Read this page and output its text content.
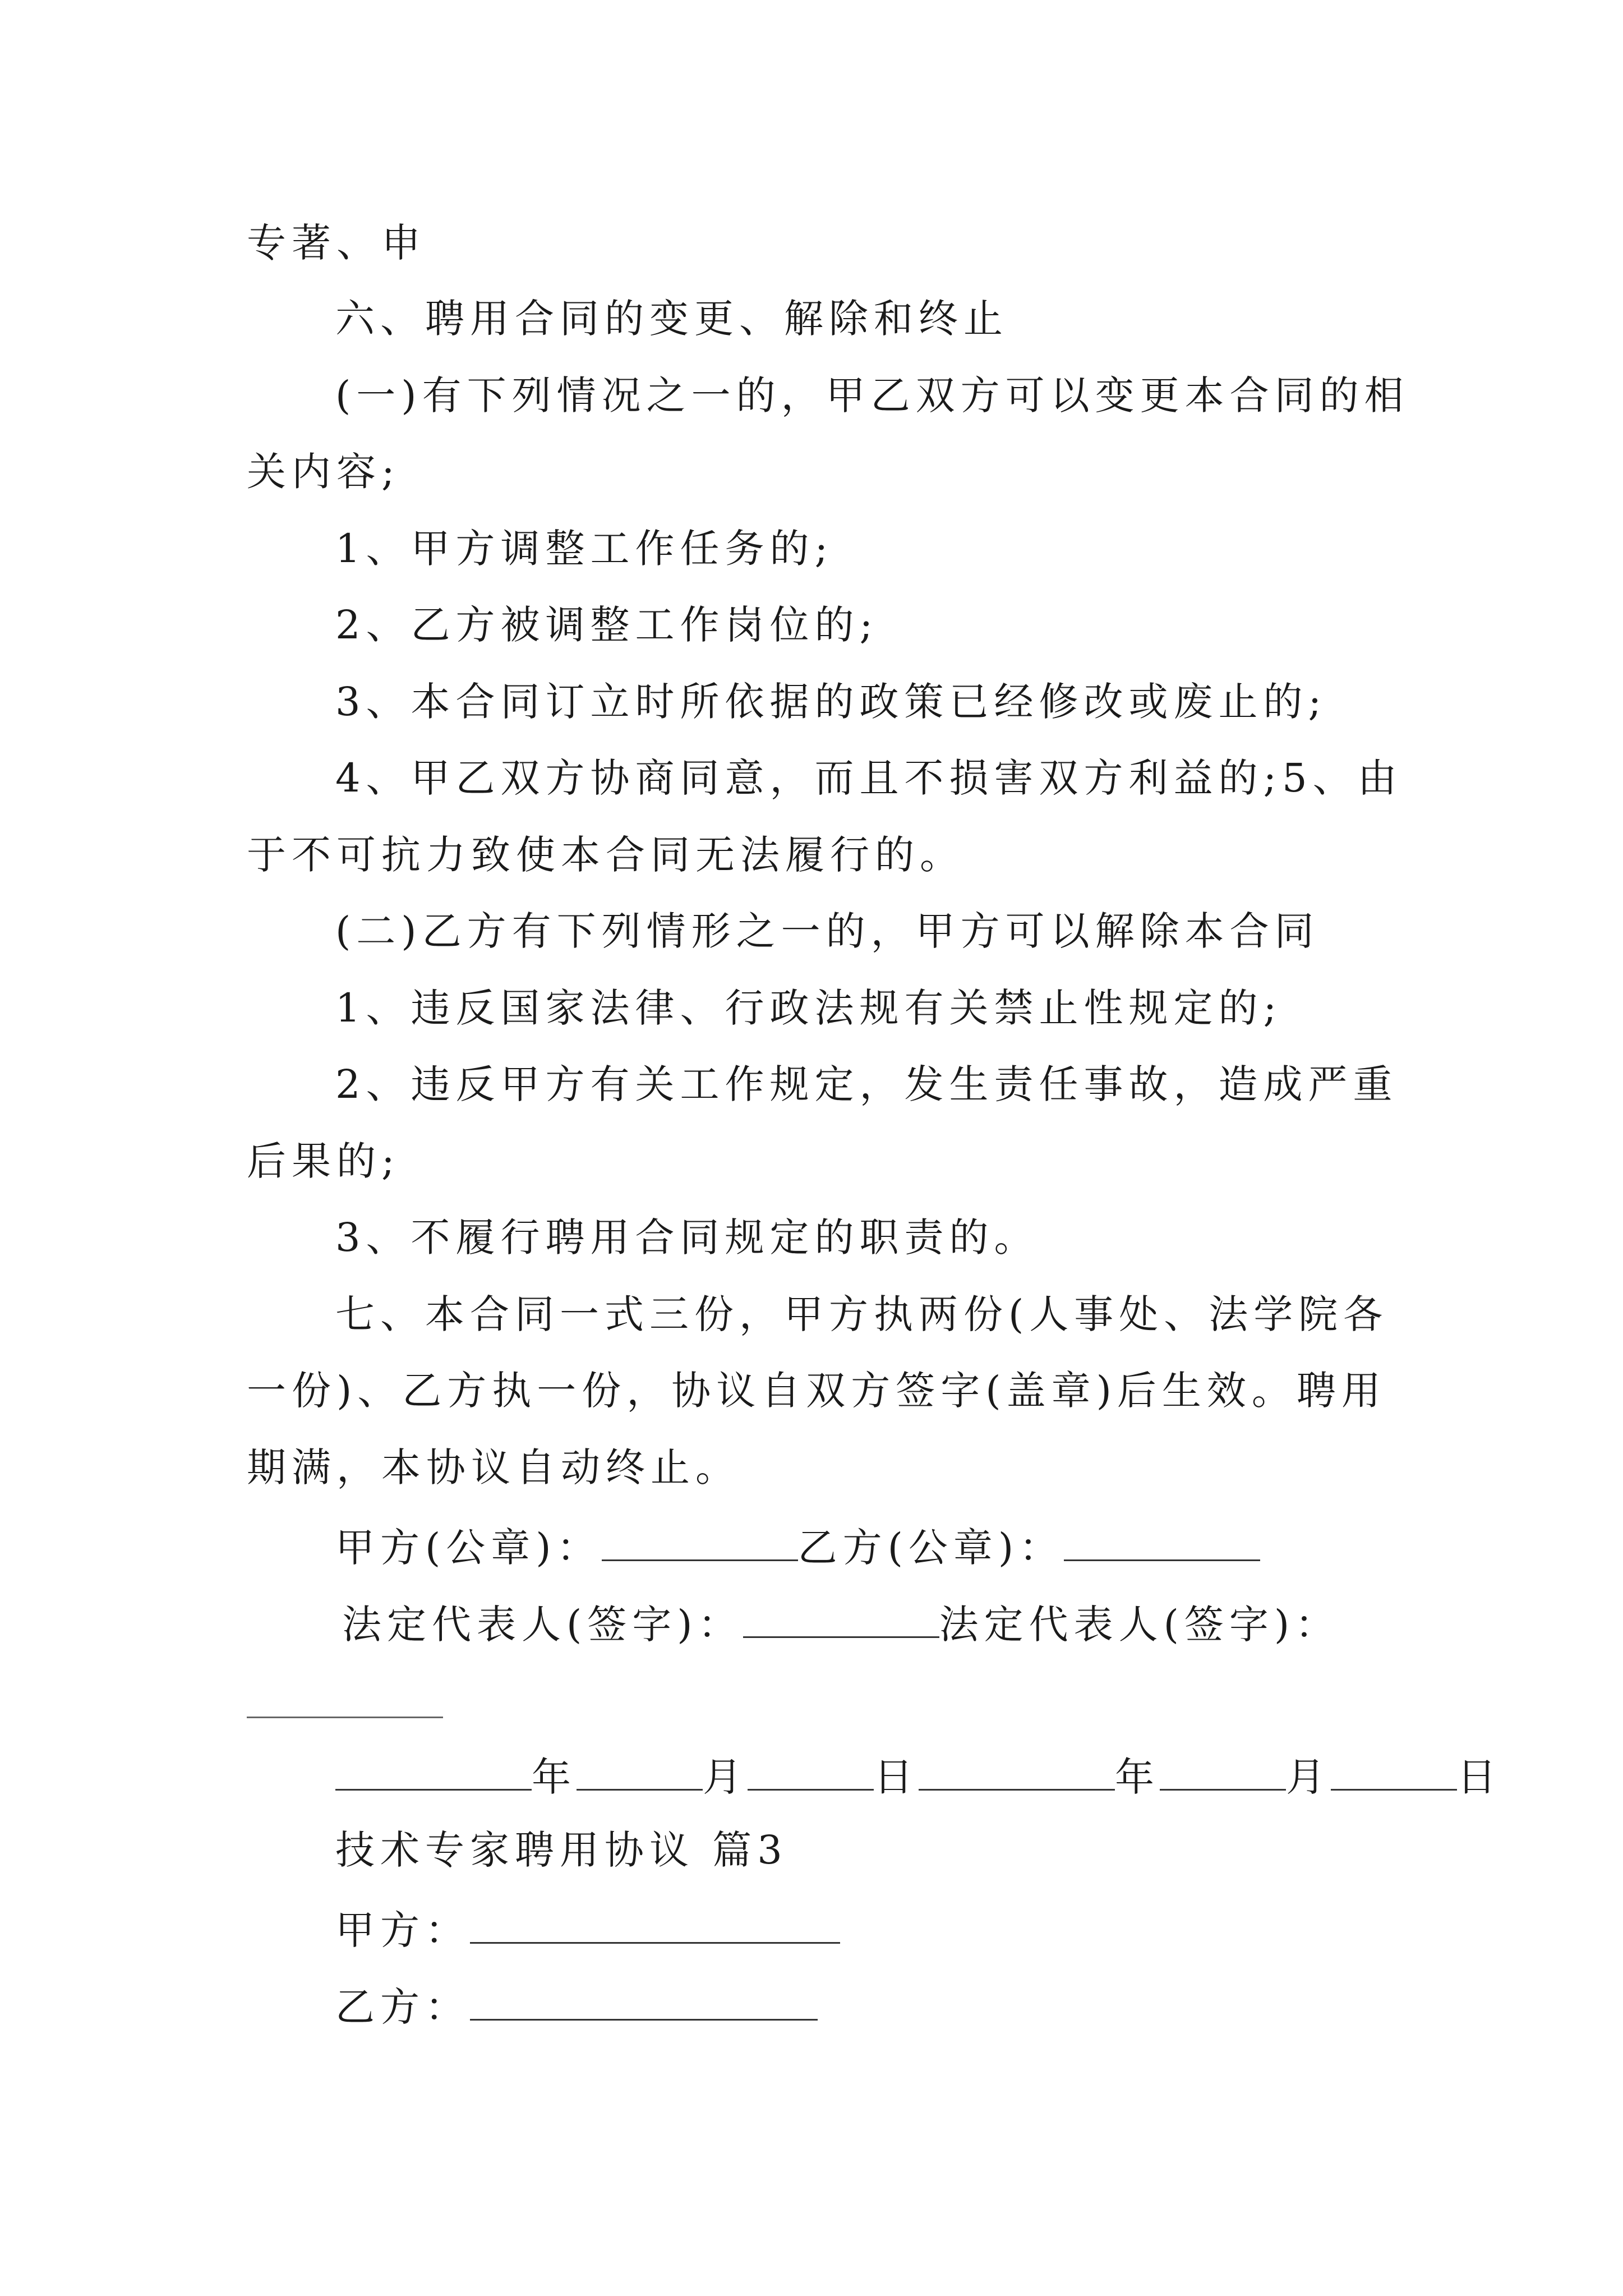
专著、申
六、聘用合同的变更、解除和终止
(一)有下列情况之一的，甲乙双方可以变更本合同的相
关内容;
1、甲方调整工作任务的;
2、乙方被调整工作岗位的;
3、本合同订立时所依据的政策已经修改或废止的;
4、甲乙双方协商同意，而且不损害双方利益的;5、由
于不可抗力致使本合同无法履行的。
(二)乙方有下列情形之一的，甲方可以解除本合同
1、违反国家法律、行政法规有关禁止性规定的;
2、违反甲方有关工作规定，发生责任事故，造成严重
后果的;
3、不履行聘用合同规定的职责的。
七、本合同一式三份，甲方执两份(人事处、法学院各
一份)、乙方执一份，协议自双方签字(盖章)后生效。聘用
期满，本协议自动终止。
甲方(公章)：	乙方(公章)：
法定代表人(签字)：	法定代表人(签字)：
年	月	日	年	月	日
技术专家聘用协议 篇3
甲方：
乙方：
